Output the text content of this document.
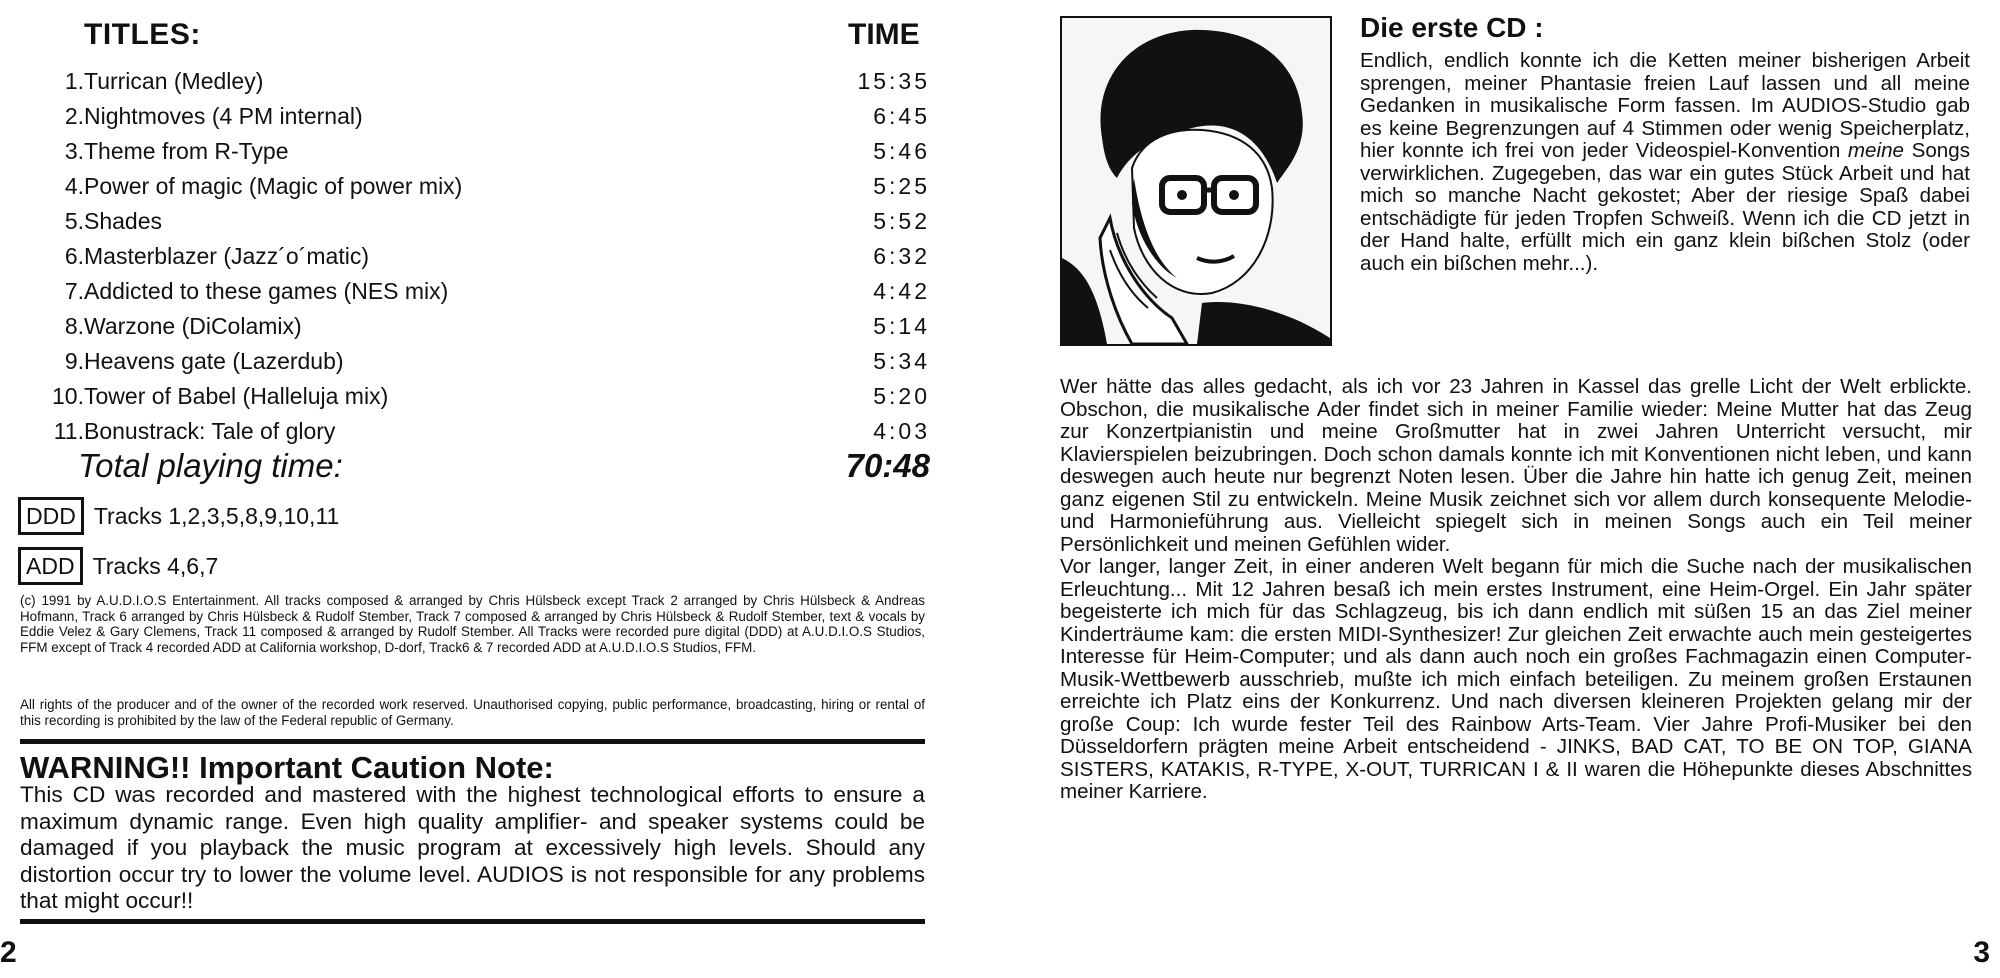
TITLES:	TIME
1. Turrican (Medley)	15:35
2. Nightmoves (4 PM internal)	6:45
3. Theme from R-Type	5:46
4. Power of magic (Magic of power mix)	5:25
5. Shades	5:52
6. Masterblazer (Jazz´o´matic)	6:32
7. Addicted to these games (NES mix)	4:42
8. Warzone (DiColamix)	5:14
9. Heavens gate (Lazerdub)	5:34
10. Tower of Babel (Halleluja mix)	5:20
11. Bonustrack: Tale of glory	4:03
Total playing time:	70:48
DDD Tracks 1,2,3,5,8,9,10,11
ADD Tracks 4,6,7
(c) 1991 by A.U.D.I.O.S Entertainment. All tracks composed & arranged by Chris Hülsbeck except Track 2 arranged by Chris Hülsbeck & Andreas Hofmann, Track 6 arranged by Chris Hülsbeck & Rudolf Stember, Track 7 composed & arranged by Chris Hülsbeck & Rudolf Stember, text & vocals by Eddie Velez & Gary Clemens, Track 11 composed & arranged by Rudolf Stember. All Tracks were recorded pure digital (DDD) at A.U.D.I.O.S Studios, FFM except of Track 4 recorded ADD at California workshop, D-dorf, Track6 & 7 recorded ADD at A.U.D.I.O.S Studios, FFM.
All rights of the producer and of the owner of the recorded work reserved. Unauthorised copying, public performance, broadcasting, hiring or rental of this recording is prohibited by the law of the Federal republic of Germany.
WARNING!! Important Caution Note:
This CD was recorded and mastered with the highest technological efforts to ensure a maximum dynamic range. Even high quality amplifier- and speaker systems could be damaged if you playback the music program at excessively high levels. Should any distortion occur try to lower the volume level. AUDIOS is not responsible for any problems that might occur!!
2
Die erste CD :
Endlich, endlich konnte ich die Ketten meiner bisherigen Arbeit sprengen, meiner Phantasie freien Lauf lassen und all meine Gedanken in musikalische Form fassen. Im AUDIOS-Studio gab es keine Begrenzungen auf 4 Stimmen oder wenig Speicherplatz, hier konnte ich frei von jeder Videospiel-Konvention meine Songs verwirklichen. Zugegeben, das war ein gutes Stück Arbeit und hat mich so manche Nacht gekostet; Aber der riesige Spaß dabei entschädigte für jeden Tropfen Schweiß. Wenn ich die CD jetzt in der Hand halte, erfüllt mich ein ganz klein bißchen Stolz (oder auch ein bißchen mehr...).

Wer hätte das alles gedacht, als ich vor 23 Jahren in Kassel das grelle Licht der Welt erblickte. Obschon, die musikalische Ader findet sich in meiner Familie wieder: Meine Mutter hat das Zeug zur Konzertpianistin und meine Großmutter hat in zwei Jahren Unterricht versucht, mir Klavierspielen beizubringen. Doch schon damals konnte ich mit Konventionen nicht leben, und kann deswegen auch heute nur begrenzt Noten lesen. Über die Jahre hin hatte ich genug Zeit, meinen ganz eigenen Stil zu entwickeln. Meine Musik zeichnet sich vor allem durch konsequente Melodie- und Harmonieführung aus. Vielleicht spiegelt sich in meinen Songs auch ein Teil meiner Persönlichkeit und meinen Gefühlen wider.

Vor langer, langer Zeit, in einer anderen Welt begann für mich die Suche nach der musikalischen Erleuchtung... Mit 12 Jahren besaß ich mein erstes Instrument, eine Heim-Orgel. Ein Jahr später begeisterte ich mich für das Schlagzeug, bis ich dann endlich mit süßen 15 an das Ziel meiner Kinderträume kam: die ersten MIDI-Synthesizer! Zur gleichen Zeit erwachte auch mein gesteigertes Interesse für Heim-Computer; und als dann auch noch ein großes Fachmagazin einen Computer-Musik-Wettbewerb ausschrieb, mußte ich mich einfach beteiligen. Zu meinem großen Erstaunen erreichte ich Platz eins der Konkurrenz. Und nach diversen kleineren Projekten gelang mir der große Coup: Ich wurde fester Teil des Rainbow Arts-Team. Vier Jahre Profi-Musiker bei den Düsseldorfern prägten meine Arbeit entscheidend - JINKS, BAD CAT, TO BE ON TOP, GIANA SISTERS, KATAKIS, R-TYPE, X-OUT, TURRICAN I & II waren die Höhepunkte dieses Abschnittes meiner Karriere.

3
